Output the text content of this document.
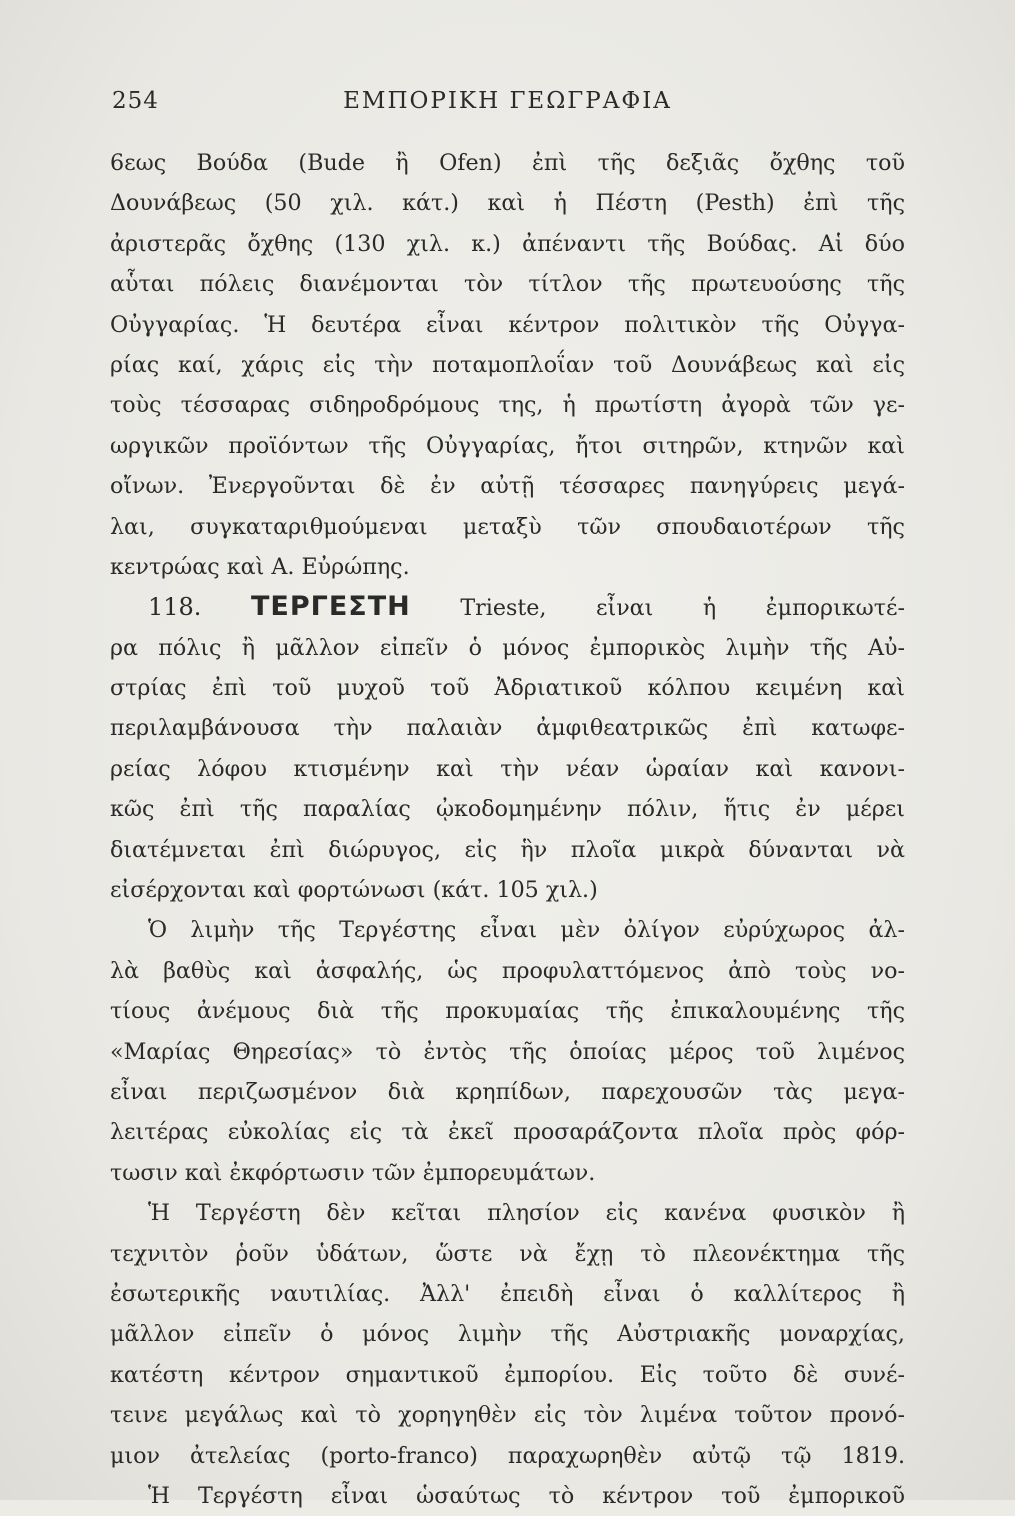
254	ΕΜΠΟΡΙΚΗ ΓΕΩΓΡΑΦΙΑ
6εως Βούδα (Bude ἢ Ofen) ἐπὶ τῆς δεξιᾶς ὄχθης τοῦ
Δουνάβεως (50 χιλ. κάτ.) καὶ ἡ Πέστη (Pesth) ἐπὶ τῆς
ἀριστερᾶς ὄχθης (130 χιλ. κ.) ἀπέναντι τῆς Βούδας. Αἱ δύο
αὗται πόλεις διανέμονται τὸν τίτλον τῆς πρωτευούσης τῆς
Οὐγγαρίας. Ἡ δευτέρα εἶναι κέντρον πολιτικὸν τῆς Οὐγγα-
ρίας καί, χάρις εἰς τὴν ποταμοπλοΐαν τοῦ Δουνάβεως καὶ εἰς
τοὺς τέσσαρας σιδηροδρόμους της, ἡ πρωτίστη ἀγορὰ τῶν γε-
ωργικῶν προϊόντων τῆς Οὐγγαρίας, ἤτοι σιτηρῶν, κτηνῶν καὶ
οἴνων. Ἐνεργοῦνται δὲ ἐν αὐτῇ τέσσαρες πανηγύρεις μεγά-
λαι, συγκαταριθμούμεναι μεταξὺ τῶν σπουδαιοτέρων τῆς
κεντρώας καὶ Α. Εὐρώπης.
118. ΤΕΡΓΕΣΤΗ Trieste, εἶναι ἡ ἐμπορικωτέ-
ρα πόλις ἢ μᾶλλον εἰπεῖν ὁ μόνος ἐμπορικὸς λιμὴν τῆς Αὐ-
στρίας ἐπὶ τοῦ μυχοῦ τοῦ Ἀδριατικοῦ κόλπου κειμένη καὶ
περιλαμβάνουσα τὴν παλαιὰν ἀμφιθεατρικῶς ἐπὶ κατωφε-
ρείας λόφου κτισμένην καὶ τὴν νέαν ὡραίαν καὶ κανονι-
κῶς ἐπὶ τῆς παραλίας ᾠκοδομημένην πόλιν, ἥτις ἐν μέρει
διατέμνεται ἐπὶ διώρυγος, εἰς ἣν πλοῖα μικρὰ δύνανται νὰ
εἰσέρχονται καὶ φορτώνωσι (κάτ. 105 χιλ.)
Ὁ λιμὴν τῆς Τεργέστης εἶναι μὲν ὀλίγον εὐρύχωρος ἀλ-
λὰ βαθὺς καὶ ἀσφαλής, ὡς προφυλαττόμενος ἀπὸ τοὺς νο-
τίους ἀνέμους διὰ τῆς προκυμαίας τῆς ἐπικαλουμένης τῆς
«Μαρίας Θηρεσίας» τὸ ἐντὸς τῆς ὁποίας μέρος τοῦ λιμένος
εἶναι περιζωσμένον διὰ κρηπίδων, παρεχουσῶν τὰς μεγα-
λειτέρας εὐκολίας εἰς τὰ ἐκεῖ προσαράζοντα πλοῖα πρὸς φόρ-
τωσιν καὶ ἐκφόρτωσιν τῶν ἐμπορευμάτων.
Ἡ Τεργέστη δὲν κεῖται πλησίον εἰς κανένα φυσικὸν ἢ
τεχνιτὸν ῥοῦν ὑδάτων, ὥστε νὰ ἔχῃ τὸ πλεονέκτημα τῆς
ἐσωτερικῆς ναυτιλίας. Ἀλλ' ἐπειδὴ εἶναι ὁ καλλίτερος ἢ
μᾶλλον εἰπεῖν ὁ μόνος λιμὴν τῆς Αὐστριακῆς μοναρχίας,
κατέστη κέντρον σημαντικοῦ ἐμπορίου. Εἰς τοῦτο δὲ συνέ-
τεινε μεγάλως καὶ τὸ χορηγηθὲν εἰς τὸν λιμένα τοῦτον προνό-
μιον ἀτελείας (porto-franco) παραχωρηθὲν αὐτῷ τῷ 1819.
Ἡ Τεργέστη εἶναι ὡσαύτως τὸ κέντρον τοῦ ἐμπορικοῦ
